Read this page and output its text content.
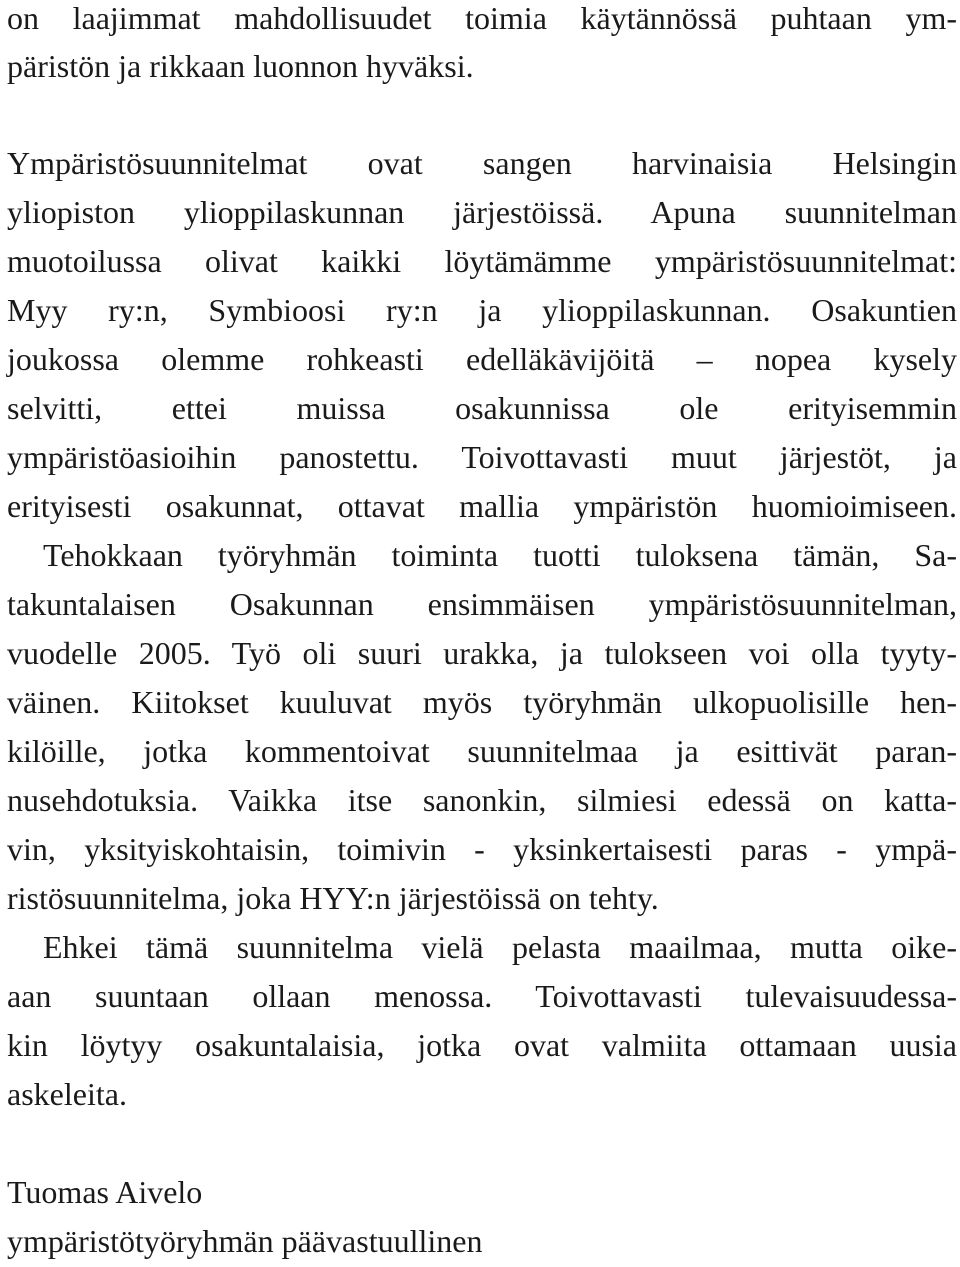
on laajimmat mahdollisuudet toimia käytännössä puhtaan ym-
päristön ja rikkaan luonnon hyväksi.
Ympäristösuunnitelmat ovat sangen harvinaisia Helsingin
yliopiston ylioppilaskunnan järjestöissä. Apuna suunnitelman
muotoilussa olivat kaikki löytämämme ympäristösuunnitelmat:
Myy ry:n, Symbioosi ry:n ja ylioppilaskunnan. Osakuntien
joukossa olemme rohkeasti edelläkävijöitä – nopea kysely
selvitti, ettei muissa osakunnissa ole erityisemmin
ympäristöasioihin panostettu. Toivottavasti muut järjestöt, ja
erityisesti osakunnat, ottavat mallia ympäristön huomioimiseen.
Tehokkaan työryhmän toiminta tuotti tuloksena tämän, Sa-
takuntalaisen Osakunnan ensimmäisen ympäristösuunnitelman,
vuodelle 2005. Työ oli suuri urakka, ja tulokseen voi olla tyyty-
väinen. Kiitokset kuuluvat myös työryhmän ulkopuolisille hen-
kilöille, jotka kommentoivat suunnitelmaa ja esittivät paran-
nusehdotuksia. Vaikka itse sanonkin, silmiesi edessä on katta-
vin, yksityiskohtaisin, toimivin - yksinkertaisesti paras - ympä-
ristösuunnitelma, joka HYY:n järjestöissä on tehty.
Ehkei tämä suunnitelma vielä pelasta maailmaa, mutta oike-
aan suuntaan ollaan menossa. Toivottavasti tulevaisuudessa-
kin löytyy osakuntalaisia, jotka ovat valmiita ottamaan uusia
askeleita.
Tuomas Aivelo
ympäristötyöryhmän päävastuullinen
